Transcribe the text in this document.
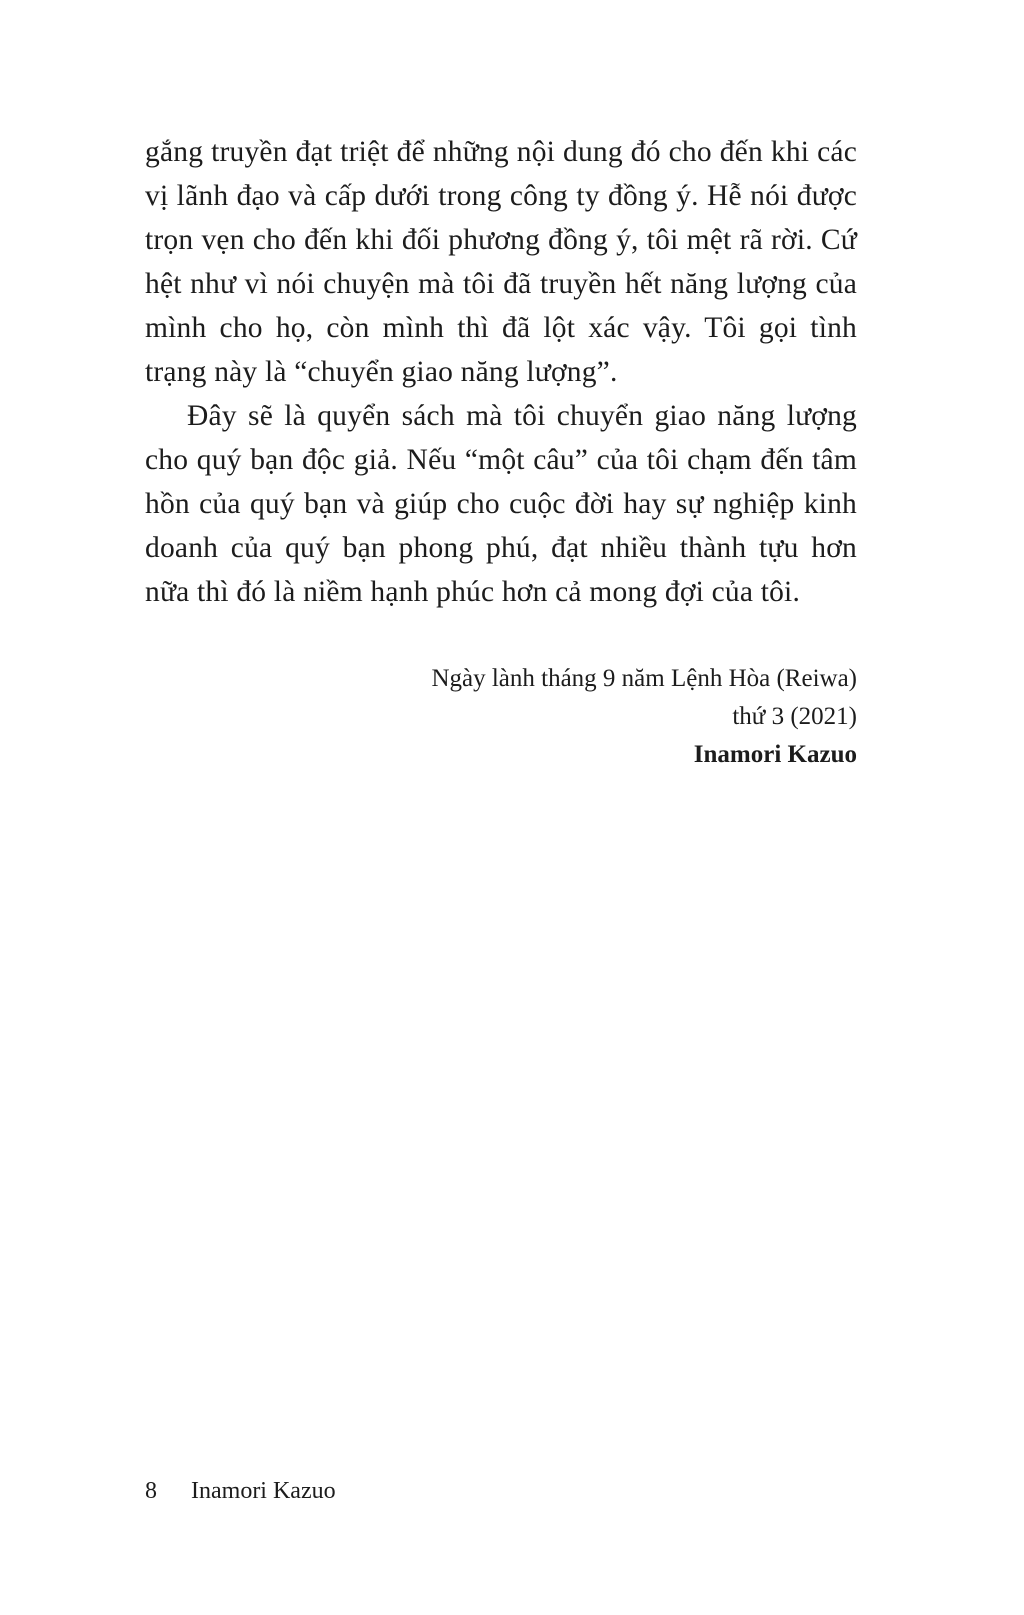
gắng truyền đạt triệt để những nội dung đó cho đến khi các vị lãnh đạo và cấp dưới trong công ty đồng ý. Hễ nói được trọn vẹn cho đến khi đối phương đồng ý, tôi mệt rã rời. Cứ hệt như vì nói chuyện mà tôi đã truyền hết năng lượng của mình cho họ, còn mình thì đã lột xác vậy. Tôi gọi tình trạng này là “chuyển giao năng lượng”.

Đây sẽ là quyển sách mà tôi chuyển giao năng lượng cho quý bạn độc giả. Nếu “một câu” của tôi chạm đến tâm hồn của quý bạn và giúp cho cuộc đời hay sự nghiệp kinh doanh của quý bạn phong phú, đạt nhiều thành tựu hơn nữa thì đó là niềm hạnh phúc hơn cả mong đợi của tôi.

Ngày lành tháng 9 năm Lệnh Hòa (Reiwa)

thứ 3 (2021)

Inamori Kazuo

8 Inamori Kazuo
